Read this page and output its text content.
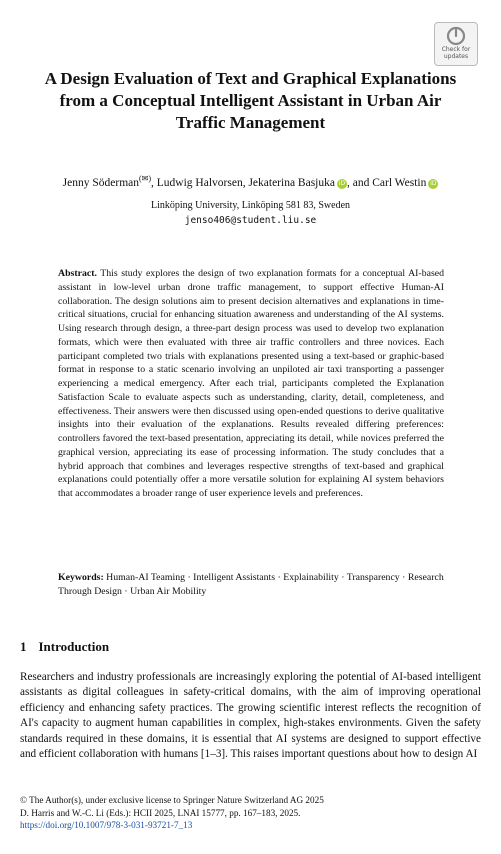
Check for
updates
A Design Evaluation of Text and Graphical Explanations from a Conceptual Intelligent Assistant in Urban Air Traffic Management
Jenny Söderman(✉), Ludwig Halvorsen, Jekaterina Basjuka iD , and Carl Westin iD
Linköping University, Linköping 581 83, Sweden
jenso406@student.liu.se
Abstract. This study explores the design of two explanation formats for a conceptual AI-based assistant in low-level urban drone traffic management, to support effective Human-AI collaboration. The design solutions aim to present decision alternatives and explanations in time-critical situations, crucial for enhancing situation awareness and understanding of the AI systems. Using research through design, a three-part design process was used to develop two explanation formats, which were then evaluated with three air traffic controllers and three novices. Each participant completed two trials with explanations presented using a text-based or graphic-based format in response to a static scenario involving an unpiloted air taxi transporting a passenger experiencing a medical emergency. After each trial, participants completed the Explanation Satisfaction Scale to evaluate aspects such as understanding, clarity, detail, completeness, and effectiveness. Their answers were then discussed using open-ended questions to derive qualitative insights into their evaluation of the explanations. Results revealed differing preferences: controllers favored the text-based presentation, appreciating its detail, while novices preferred the graphical version, appreciating its ease of processing information. The study concludes that a hybrid approach that combines and leverages respective strengths of text-based and graphical explanations could potentially offer a more versatile solution for explaining AI system behaviors that accommodates a broader range of user experience levels and preferences.
Keywords: Human-AI Teaming · Intelligent Assistants · Explainability · Transparency · Research Through Design · Urban Air Mobility
1 Introduction
Researchers and industry professionals are increasingly exploring the potential of AI-based intelligent assistants as digital colleagues in safety-critical domains, with the aim of improving operational efficiency and enhancing safety practices. The growing scientific interest reflects the recognition of AI's capacity to augment human capabilities in complex, high-stakes environments. Given the safety standards required in these domains, it is essential that AI systems are designed to support effective and efficient collaboration with humans [1–3]. This raises important questions about how to design AI
© The Author(s), under exclusive license to Springer Nature Switzerland AG 2025
D. Harris and W.-C. Li (Eds.): HCII 2025, LNAI 15777, pp. 167–183, 2025.
https://doi.org/10.1007/978-3-031-93721-7_13
